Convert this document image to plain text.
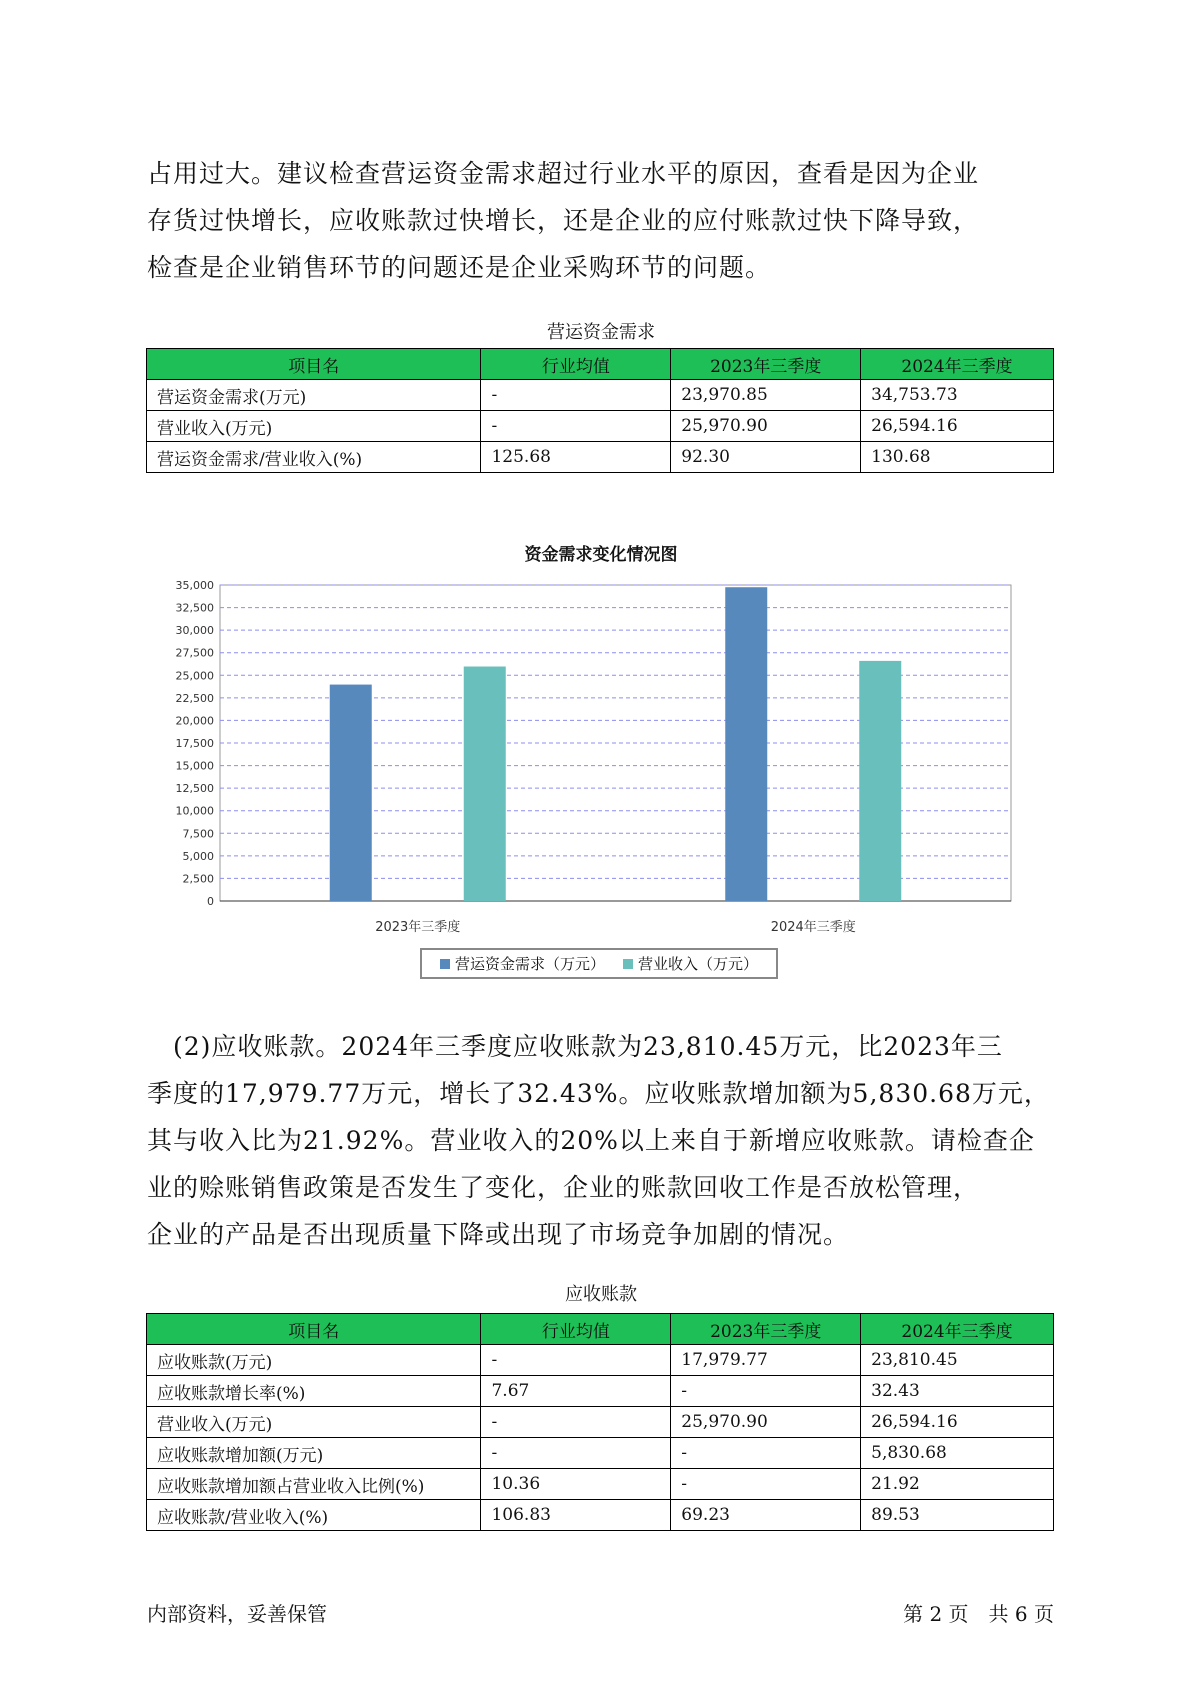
占用过大。建议检查营运资金需求超过行业水平的原因，查看是因为企业
存货过快增长，应收账款过快增长，还是企业的应付账款过快下降导致，
检查是企业销售环节的问题还是企业采购环节的问题。

营运资金需求
项目名	行业均值	2023年三季度	2024年三季度
营运资金需求(万元)	-	23,970.85	34,753.73
营业收入(万元)	-	25,970.90	26,594.16
营运资金需求/营业收入(%)	125.68	92.30	130.68
资金需求变化情况图
0
2,500
5,000
7,500
10,000
12,500
15,000
17,500
20,000
22,500
25,000
27,500
30,000
32,500
35,000
2023年三季度	2024年三季度
营运资金需求（万元） 营业收入（万元）

　(2)应收账款。2024年三季度应收账款为23,810.45万元，比2023年三
季度的17,979.77万元，增长了32.43%。应收账款增加额为5,830.68万元，
其与收入比为21.92%。营业收入的20%以上来自于新增应收账款。请检查企
业的赊账销售政策是否发生了变化，企业的账款回收工作是否放松管理，
企业的产品是否出现质量下降或出现了市场竞争加剧的情况。

应收账款
项目名	行业均值	2023年三季度	2024年三季度
应收账款(万元)	-	17,979.77	23,810.45
应收账款增长率(%)	7.67	-	32.43
营业收入(万元)	-	25,970.90	26,594.16
应收账款增加额(万元)	-	-	5,830.68
应收账款增加额占营业收入比例(%)	10.36	-	21.92
应收账款/营业收入(%)	106.83	69.23	89.53
内部资料，妥善保管	第 2 页　共 6 页
